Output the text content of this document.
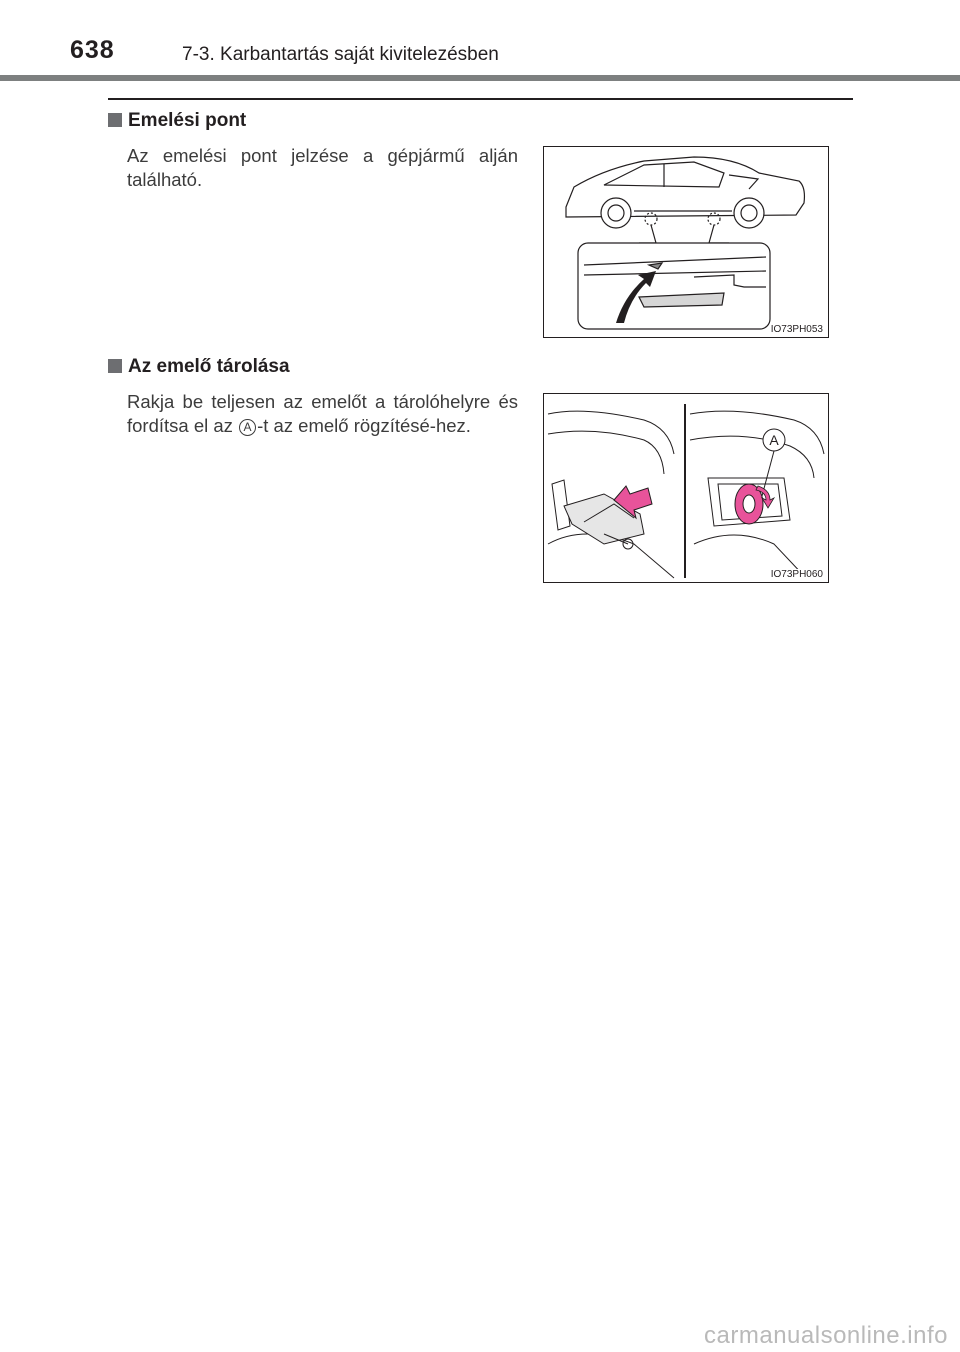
638	7-3. Karbantartás saját kivitelezésben
Emelési pont
Az emelési pont jelzése a gépjármű alján található.
IO73PH053
Az emelő tárolása
Rakja be teljesen az emelőt a tárolóhelyre és fordítsa el az A -t az emelő rögzítésé-hez.
A
IO73PH060
carmanualsonline.info
